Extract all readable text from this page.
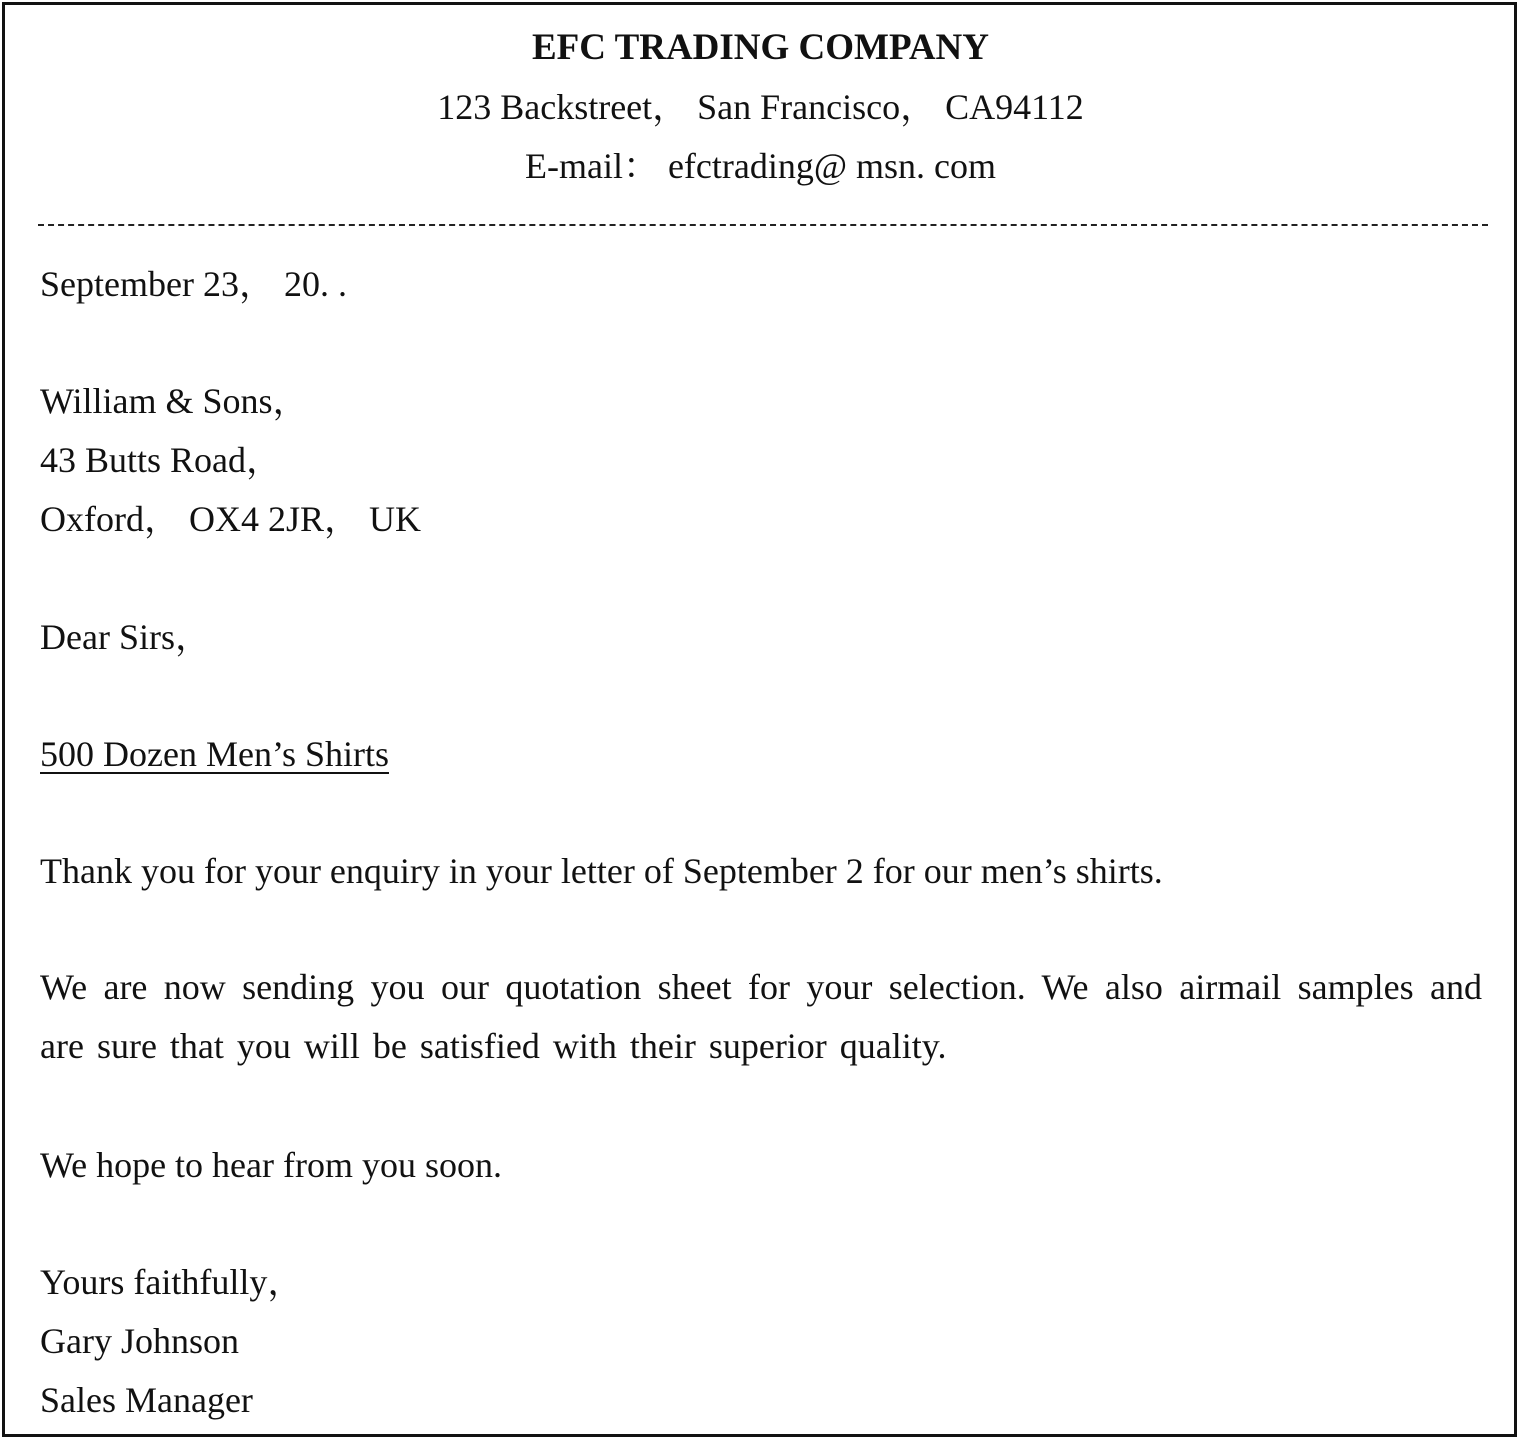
EFC TRADING COMPANY
123 Backstreet， San Francisco， CA94112
E-mail： efctrading@ msn. com
September 23， 20. .
William & Sons，
43 Butts Road，
Oxford， OX4 2JR， UK
Dear Sirs，
500 Dozen Men’s Shirts
Thank you for your enquiry in your letter of September 2 for our men’s shirts.
We are now sending you our quotation sheet for your selection. We also airmail samples and are sure that you will be satisfied with their superior quality.
We hope to hear from you soon.
Yours faithfully，
Gary Johnson
Sales Manager
